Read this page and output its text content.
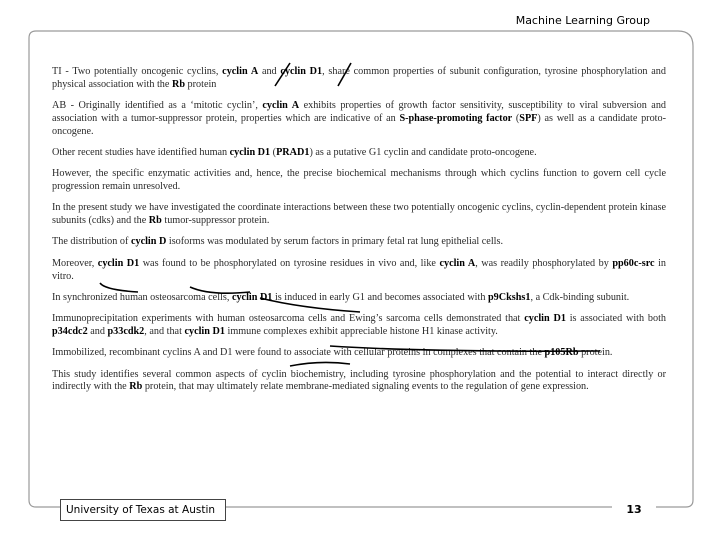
Machine Learning Group

TI - Two potentially oncogenic cyclins, cyclin A and cyclin D1, share common properties of subunit configuration, tyrosine phosphorylation and physical association with the Rb protein

AB - Originally identified as a ‘mitotic cyclin’, cyclin A exhibits properties of growth factor sensitivity, susceptibility to viral subversion and association with a tumor-suppressor protein, properties which are indicative of an S-phase-promoting factor (SPF) as well as a candidate proto-oncogene.

Other recent studies have identified human cyclin D1 (PRAD1) as a putative G1 cyclin and candidate proto-oncogene.

However, the specific enzymatic activities and, hence, the precise biochemical mechanisms through which cyclins function to govern cell cycle progression remain unresolved.

In the present study we have investigated the coordinate interactions between these two potentially oncogenic cyclins, cyclin-dependent protein kinase subunits (cdks) and the Rb tumor-suppressor protein.

The distribution of cyclin D isoforms was modulated by serum factors in primary fetal rat lung epithelial cells.

Moreover, cyclin D1 was found to be phosphorylated on tyrosine residues in vivo and, like cyclin A, was readily phosphorylated by pp60c-src in vitro.

In synchronized human osteosarcoma cells, cyclin D1 is induced in early G1 and becomes associated with p9Ckshs1, a Cdk-binding subunit.

Immunoprecipitation experiments with human osteosarcoma cells and Ewing’s sarcoma cells demonstrated that cyclin D1 is associated with both p34cdc2 and p33cdk2, and that cyclin D1 immune complexes exhibit appreciable histone H1 kinase activity.

Immobilized, recombinant cyclins A and D1 were found to associate with cellular proteins in complexes that contain the p105Rb protein.

This study identifies several common aspects of cyclin biochemistry, including tyrosine phosphorylation and the potential to interact directly or indirectly with the Rb protein, that may ultimately relate membrane-mediated signaling events to the regulation of gene expression.

University of Texas at Austin	13
